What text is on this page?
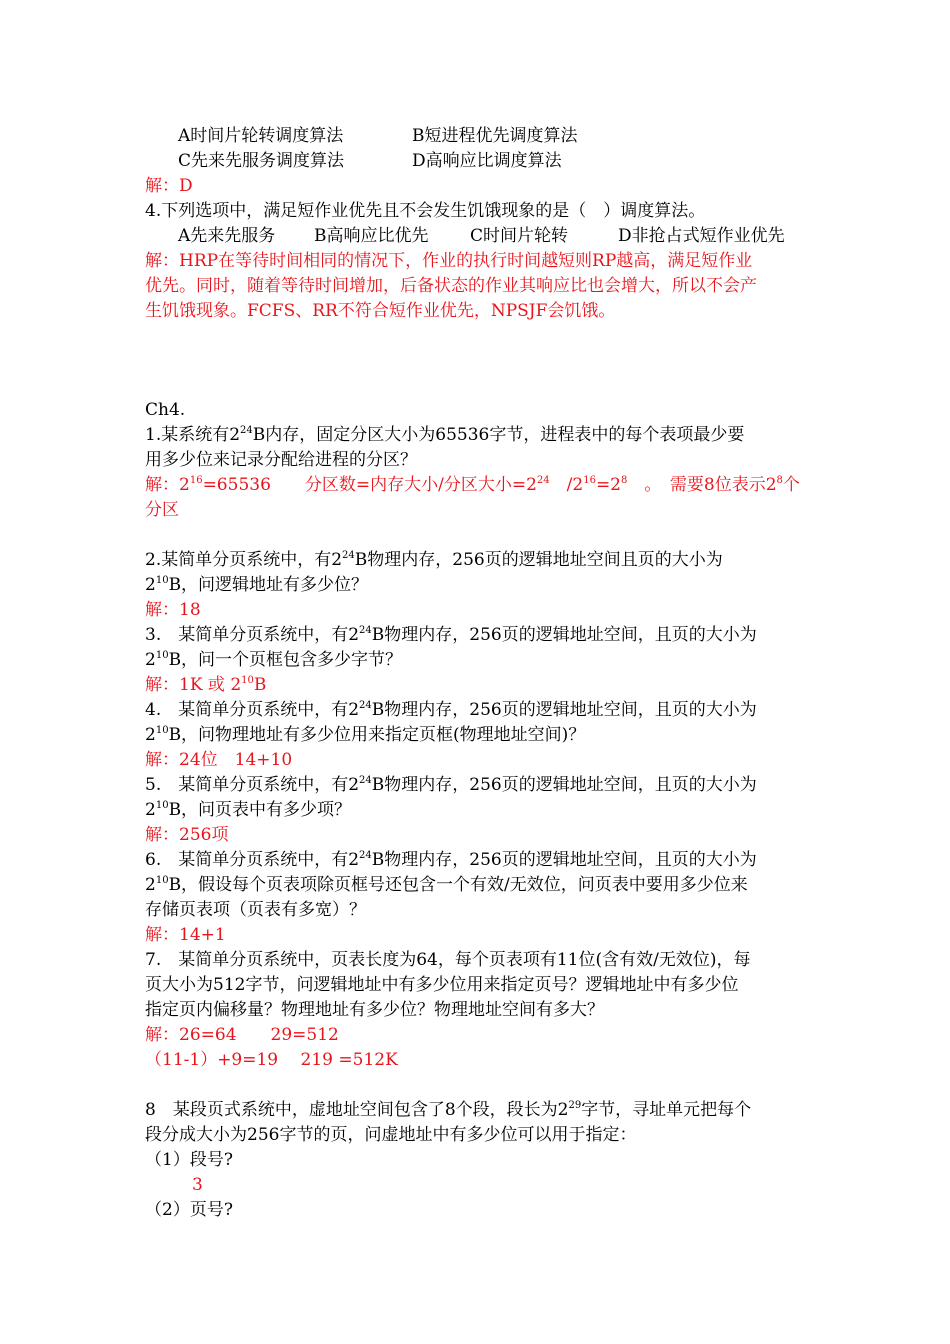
A时间片轮转调度算法	B短进程优先调度算法
C先来先服务调度算法	D高响应比调度算法
解：D
4.下列选项中，满足短作业优先且不会发生饥饿现象的是（　）调度算法。
A先来先服务 B高响应比优先 C时间片轮转	D非抢占式短作业优先
解：HRP在等待时间相同的情况下，作业的执行时间越短则RP越高，满足短作业
优先。同时，随着等待时间增加，后备状态的作业其响应比也会增大，所以不会产
生饥饿现象。FCFS、RR不符合短作业优先，NPSJF会饥饿。
Ch4.
1.某系统有$2^{24}B$内存，固定分区大小为65536字节，进程表中的每个表项最少要
用多少位来记录分配给进程的分区？
解：$2^{16}=65536$　　分区数=内存大小/分区大小$=2^{24}$　$/2^{16}=2^8$　。　需要8位表示$2^8$个
分区
2.某简单分页系统中，有$2^{24}B$物理内存，256页的逻辑地址空间且页的大小为
$2^{10}B$，问逻辑地址有多少位？
解：18
3.　某简单分页系统中，有$2^{24}B$物理内存，256页的逻辑地址空间，且页的大小为
$2^{10}B$，问一个页框包含多少字节？
解：1K 或 $2^{10}B$
4.　某简单分页系统中，有$2^{24}B$物理内存，256页的逻辑地址空间，且页的大小为
$2^{10}B$，问物理地址有多少位用来指定页框(物理地址空间)？
解：24位　14+10
5.　某简单分页系统中，有$2^{24}B$物理内存，256页的逻辑地址空间，且页的大小为
$2^{10}B$，问页表中有多少项？
解：256项
6.　某简单分页系统中，有$2^{24}B$物理内存，256页的逻辑地址空间，且页的大小为
$2^{10}B$，假设每个页表项除页框号还包含一个有效/无效位，问页表中要用多少位来
存储页表项（页表有多宽）？
解：14+1
7.　某简单分页系统中，页表长度为64，每个页表项有11位(含有效/无效位)，每
页大小为512字节，问逻辑地址中有多少位用来指定页号？逻辑地址中有多少位
指定页内偏移量？物理地址有多少位？物理地址空间有多大？
解：26=64　　29=512
（11-1）+9=19　 219 =512K
8　某段页式系统中，虚地址空间包含了8个段，段长为$2^{29}$字节，寻址单元把每个
段分成大小为256字节的页，问虚地址中有多少位可以用于指定：
（1）段号?
3
（2）页号?
